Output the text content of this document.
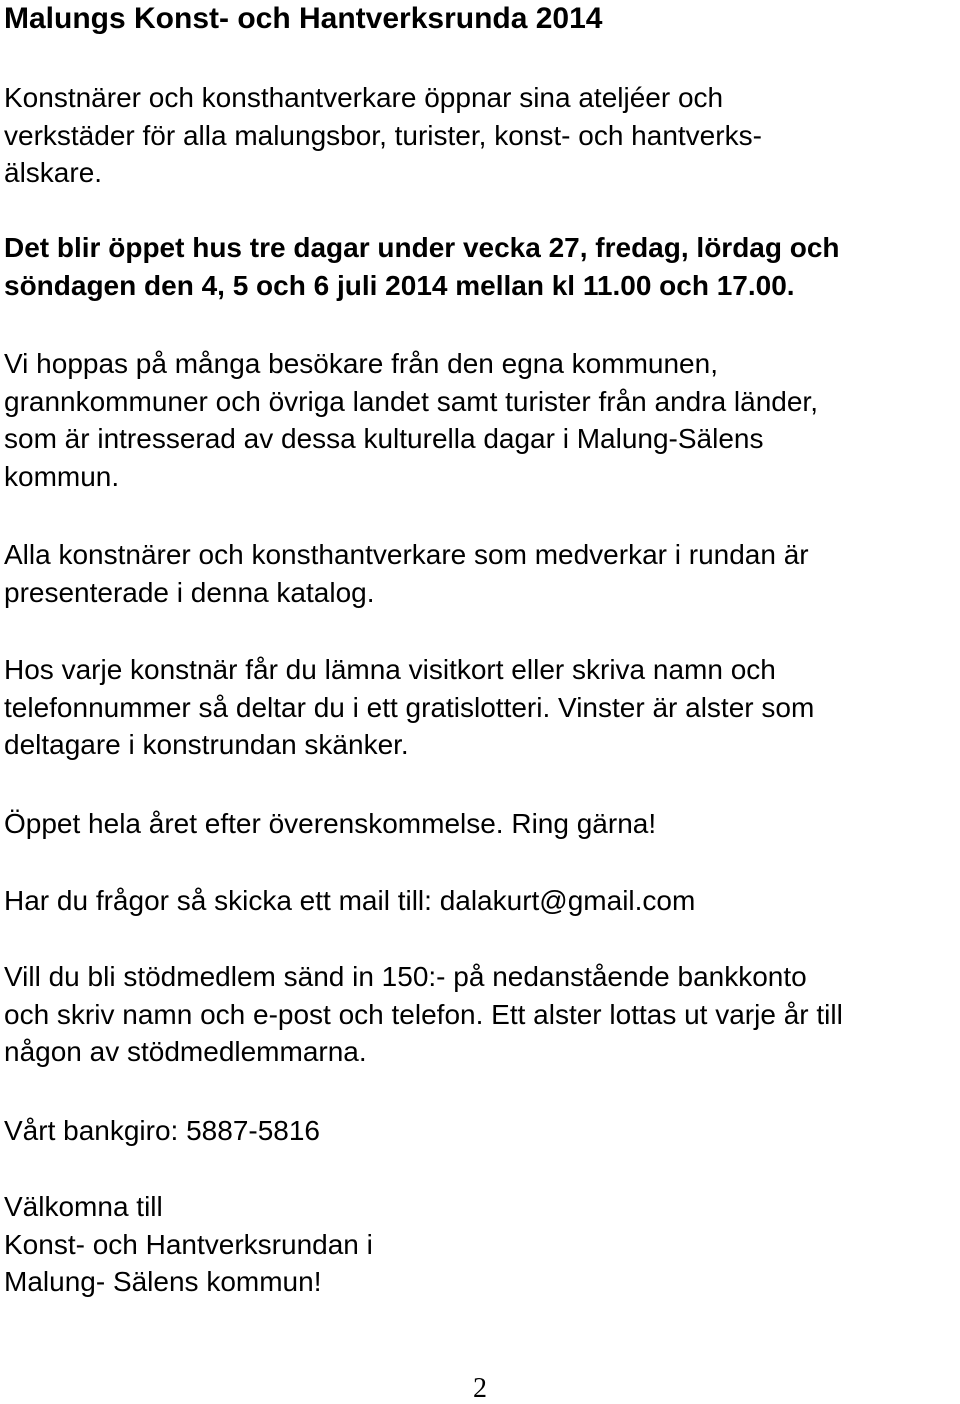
Malungs Konst- och Hantverksrunda 2014

Konstnärer och konsthantverkare öppnar sina ateljéer och
verkstäder för alla malungsbor, turister, konst- och hantverks-
älskare.

Det blir öppet hus tre dagar under vecka 27, fredag, lördag och
söndagen den 4, 5 och 6 juli 2014 mellan kl 11.00 och 17.00.

Vi hoppas på många besökare från den egna kommunen,
grannkommuner och övriga landet samt turister från andra länder,
som är intresserad av dessa kulturella dagar i Malung-Sälens
kommun.

Alla konstnärer och konsthantverkare som medverkar i rundan är
presenterade i denna katalog.

Hos varje konstnär får du lämna visitkort eller skriva namn och
telefonnummer så deltar du i ett gratislotteri. Vinster är alster som
deltagare i konstrundan skänker.

Öppet hela året efter överenskommelse. Ring gärna!

Har du frågor så skicka ett mail till: dalakurt@gmail.com

Vill du bli stödmedlem sänd in 150:- på nedanstående bankkonto
och skriv namn och e-post och telefon. Ett alster lottas ut varje år till
någon av stödmedlemmarna.

Vårt bankgiro: 5887-5816

Välkomna till
Konst- och Hantverksrundan i
Malung- Sälens kommun!

2
